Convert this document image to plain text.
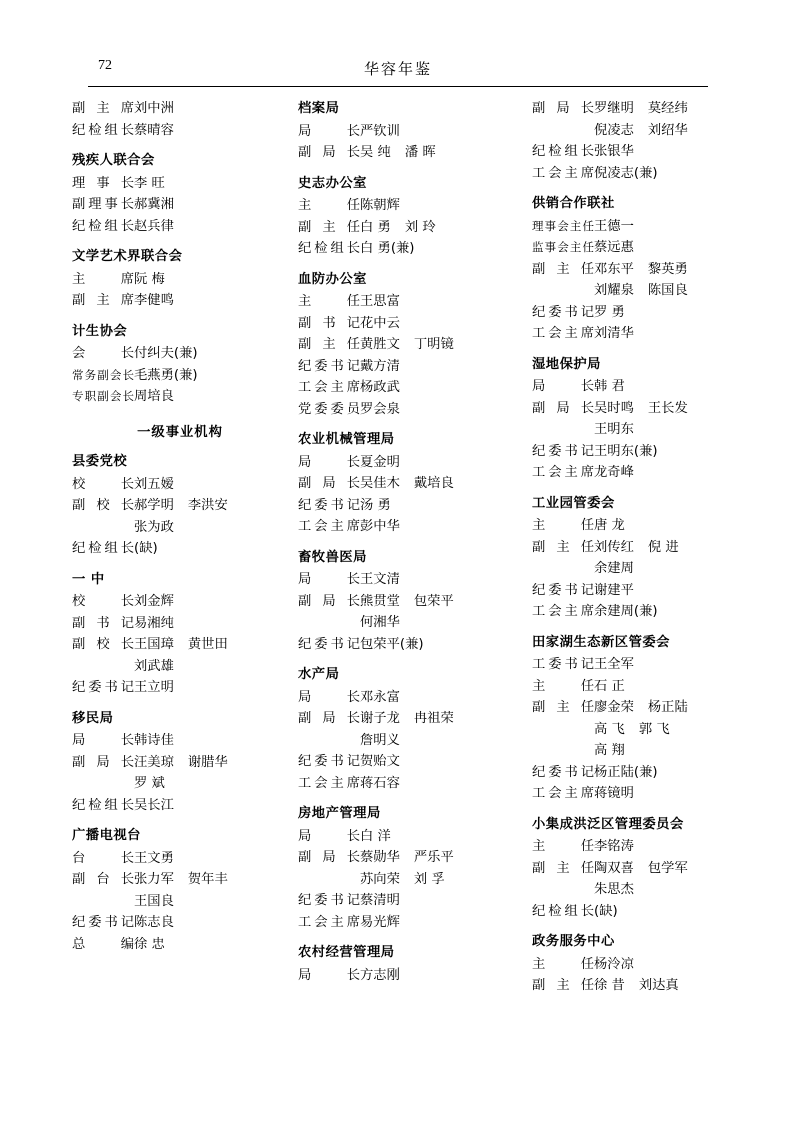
72	华容年鉴
副 主 席 刘中洲
纪 检 组 长 蔡晴容
残疾人联合会
理 事 长 李 旺
副 理 事 长 郝冀湘
纪 检 组 长 赵兵律
文学艺术界联合会
主	席 阮 梅
副 主 席 李健鸣
计生协会
会	长 付纠夫(兼)
常 务 副 会 长 毛燕勇(兼)
专 职 副 会 长 周培良
一级事业机构
县委党校
校	长 刘五嫒
副 校 长 郝学明 李洪安
张为政
纪 检 组 长 (缺)
一 中
校	长 刘金辉
副 书 记 易湘纯
副 校 长 王国璋 黄世田
刘武雄
纪 委 书 记 王立明
移民局
局	长 韩诗佳
副 局 长 汪美琼 谢腊华
罗 斌
纪 检 组 长 吴长江
广播电视台
台	长 王文勇
副 台 长 张力军 贺年丰
王国良
纪 委 书 记 陈志良
总	编 徐 忠
档案局
局	长 严钦训
副 局 长 吴 纯 潘 晖
史志办公室
主	任 陈朝辉
副 主 任 白 勇 刘 玲
纪 检 组 长 白 勇(兼)
血防办公室
主	任 王思富
副 书 记 花中云
副 主 任 黄胜文 丁明镜
纪 委 书 记 戴方清
工 会 主 席 杨政武
党 委 委 员 罗会泉
农业机械管理局
局	长 夏金明
副 局 长 吴佳木 戴培良
纪 委 书 记 汤 勇
工 会 主 席 彭中华
畜牧兽医局
局	长 王文清
副 局 长 熊贯堂 包荣平
何湘华
纪 委 书 记 包荣平(兼)
水产局
局	长 邓永富
副 局 长 谢子龙 冉祖荣
詹明义
纪 委 书 记 贺贻文
工 会 主 席 蒋石容
房地产管理局
局	长 白 洋
副 局 长 蔡勋华 严乐平
苏向荣 刘 孚
纪 委 书 记 蔡清明
工 会 主 席 易光辉
农村经营管理局
局	长 方志刚
副 局 长 罗继明 莫经纬
倪凌志 刘绍华
纪 检 组 长 张银华
工 会 主 席 倪凌志(兼)
供销合作联社
理 事 会 主 任 王德一
监 事 会 主 任 蔡远惠
副 主 任 邓东平 黎英勇
刘耀泉 陈国良
纪 委 书 记 罗 勇
工 会 主 席 刘清华
湿地保护局
局	长 韩 君
副 局 长 吴时鸣 王长发
王明东
纪 委 书 记 王明东(兼)
工 会 主 席 龙奇峰
工业园管委会
主	任 唐 龙
副 主 任 刘传红 倪 进
余建周
纪 委 书 记 谢建平
工 会 主 席 余建周(兼)
田家湖生态新区管委会
工 委 书 记 王全军
主	任 石 正
副 主 任 廖金荣 杨正陆
高 飞 郭 飞
高 翔
纪 委 书 记 杨正陆(兼)
工 会 主 席 蒋镜明
小集成洪泛区管理委员会
主	任 李铭涛
副 主 任 陶双喜 包学军
朱思杰
纪 检 组 长 (缺)
政务服务中心
主	任 杨泠凉
副 主 任 徐 昔 刘达真
